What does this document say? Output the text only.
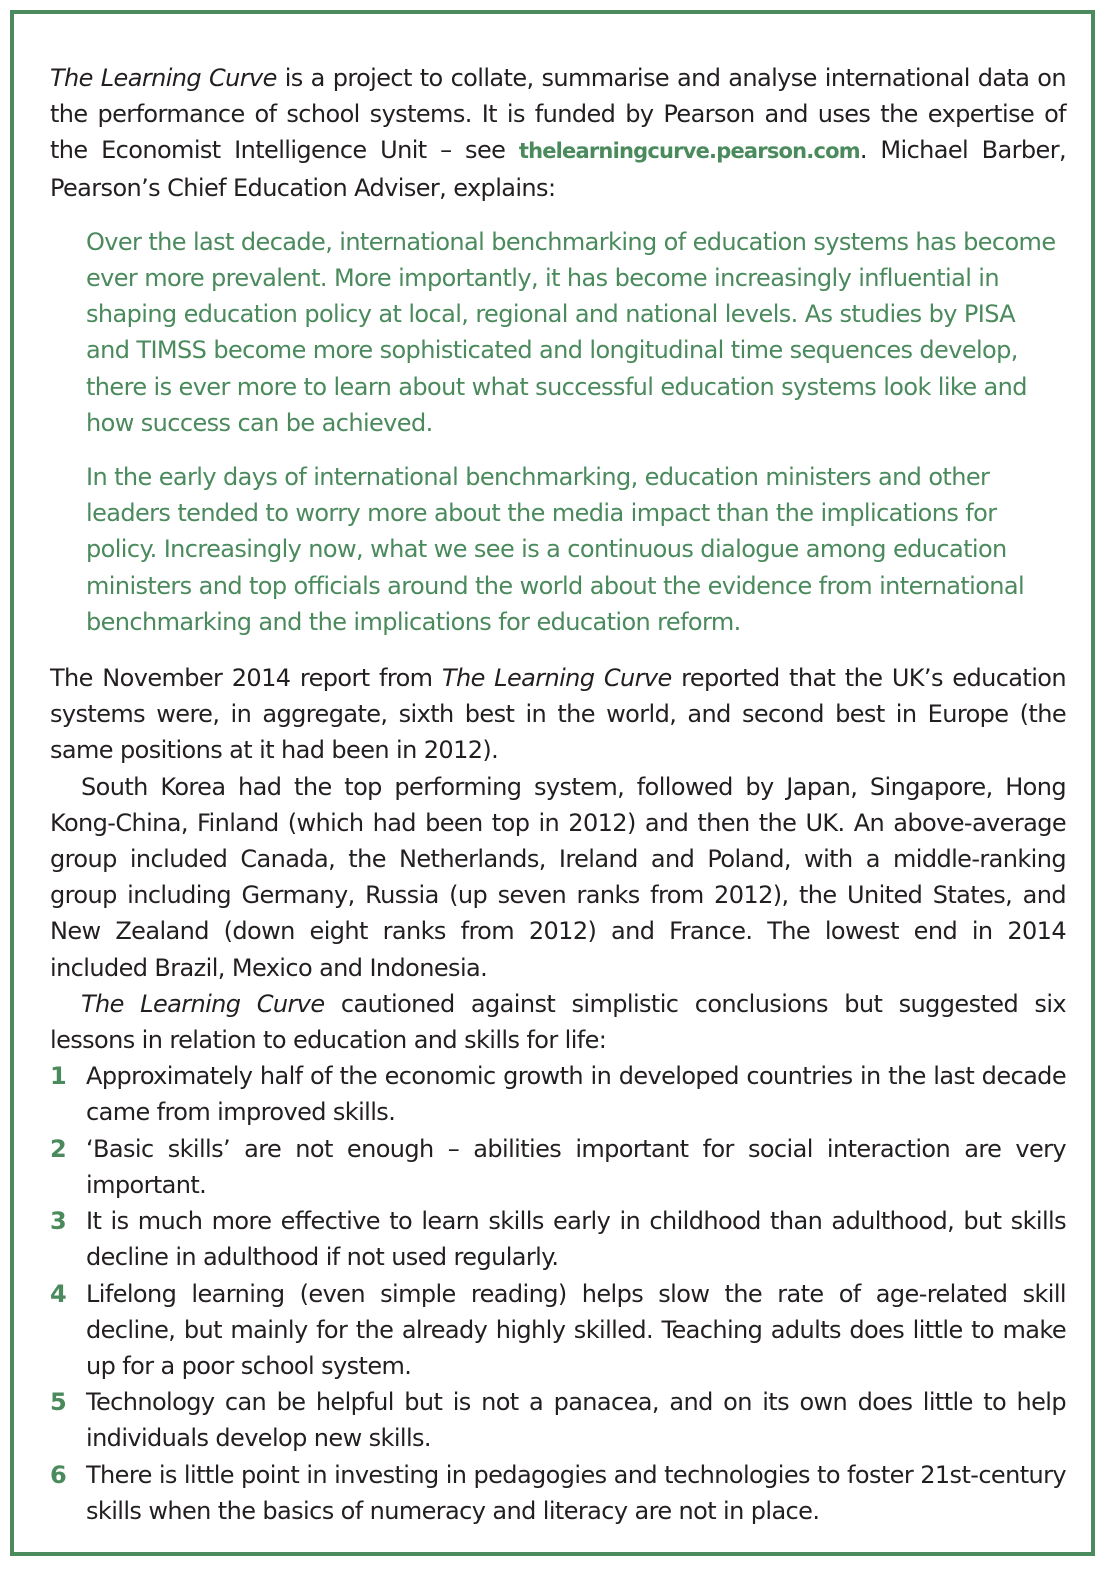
The Learning Curve is a project to collate, summarise and analyse international data on the performance of school systems. It is funded by Pearson and uses the expertise of the Economist Intelligence Unit – see thelearningcurve.pearson.com. Michael Barber, Pearson’s Chief Education Adviser, explains:

Over the last decade, international benchmarking of education systems has become ever more prevalent. More importantly, it has become increasingly influential in shaping education policy at local, regional and national levels. As studies by PISA and TIMSS become more sophisticated and longitudinal time sequences develop, there is ever more to learn about what successful education systems look like and how success can be achieved.

In the early days of international benchmarking, education ministers and other leaders tended to worry more about the media impact than the implications for policy. Increasingly now, what we see is a continuous dialogue among education ministers and top officials around the world about the evidence from international benchmarking and the implications for education reform.

The November 2014 report from The Learning Curve reported that the UK’s education systems were, in aggregate, sixth best in the world, and second best in Europe (the same positions at it had been in 2012).

South Korea had the top performing system, followed by Japan, Singapore, Hong Kong-China, Finland (which had been top in 2012) and then the UK. An above-average group included Canada, the Netherlands, Ireland and Poland, with a middle-ranking group including Germany, Russia (up seven ranks from 2012), the United States, and New Zealand (down eight ranks from 2012) and France. The lowest end in 2014 included Brazil, Mexico and Indonesia.

The Learning Curve cautioned against simplistic conclusions but suggested six lessons in relation to education and skills for life:

1 Approximately half of the economic growth in developed countries in the last decade came from improved skills.
2 ‘Basic skills’ are not enough – abilities important for social interaction are very important.
3 It is much more effective to learn skills early in childhood than adulthood, but skills decline in adulthood if not used regularly.
4 Lifelong learning (even simple reading) helps slow the rate of age-related skill decline, but mainly for the already highly skilled. Teaching adults does little to make up for a poor school system.
5 Technology can be helpful but is not a panacea, and on its own does little to help individuals develop new skills.
6 There is little point in investing in pedagogies and technologies to foster 21st-century skills when the basics of numeracy and literacy are not in place.
